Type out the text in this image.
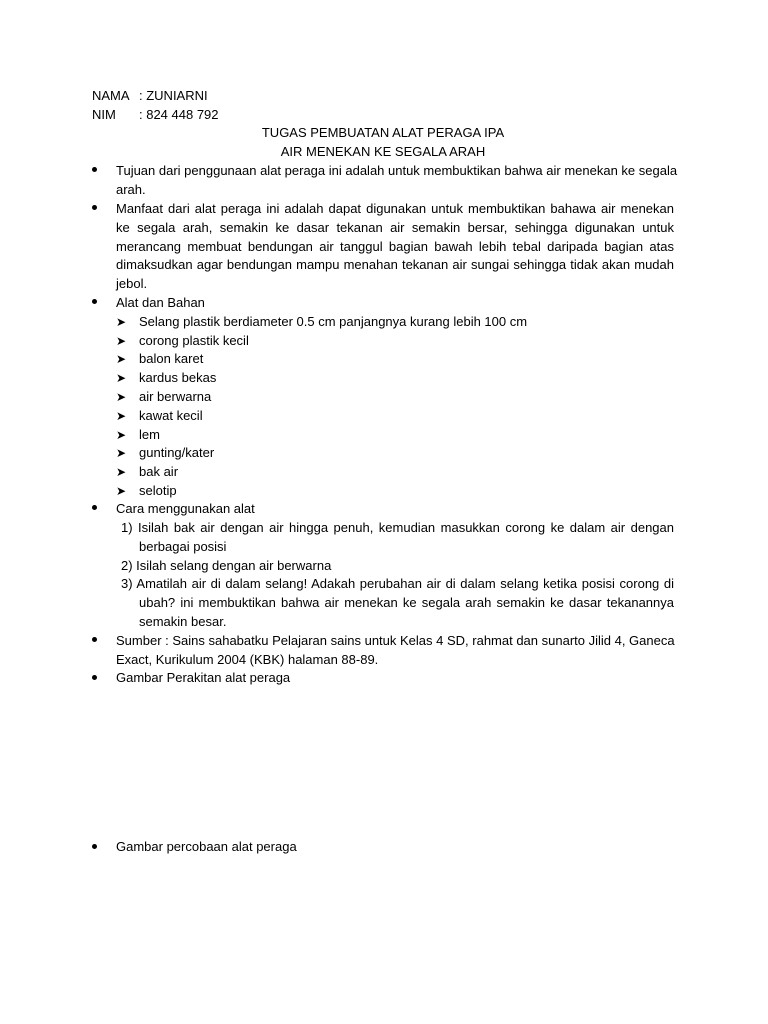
NAMA : ZUNIARNI
NIM : 824 448 792
TUGAS PEMBUATAN ALAT PERAGA IPA
AIR MENEKAN KE SEGALA ARAH
Tujuan dari penggunaan alat peraga ini adalah untuk membuktikan bahwa air menekan ke segala
arah.
Manfaat dari alat peraga ini adalah dapat digunakan untuk membuktikan bahawa air menekan
ke segala arah, semakin ke dasar tekanan air semakin bersar, sehingga digunakan untuk
merancang membuat bendungan air tanggul bagian bawah lebih tebal daripada bagian atas
dimaksudkan agar bendungan mampu menahan tekanan air sungai sehingga tidak akan mudah
jebol.
Alat dan Bahan
➤ Selang plastik berdiameter 0.5 cm panjangnya kurang lebih 100 cm
➤ corong plastik kecil
➤ balon karet
➤ kardus bekas
➤ air berwarna
➤ kawat kecil
➤ lem
➤ gunting/kater
➤ bak air
➤ selotip
Cara menggunakan alat
1) Isilah bak air dengan air hingga penuh, kemudian masukkan corong ke dalam air dengan
berbagai posisi
2) Isilah selang dengan air berwarna
3) Amatilah air di dalam selang! Adakah perubahan air di dalam selang ketika posisi corong di
ubah? ini membuktikan bahwa air menekan ke segala arah semakin ke dasar tekanannya
semakin besar.
Sumber : Sains sahabatku Pelajaran sains untuk Kelas 4 SD, rahmat dan sunarto Jilid 4, Ganeca
Exact, Kurikulum 2004 (KBK) halaman 88-89.
Gambar Perakitan alat peraga
Gambar percobaan alat peraga
